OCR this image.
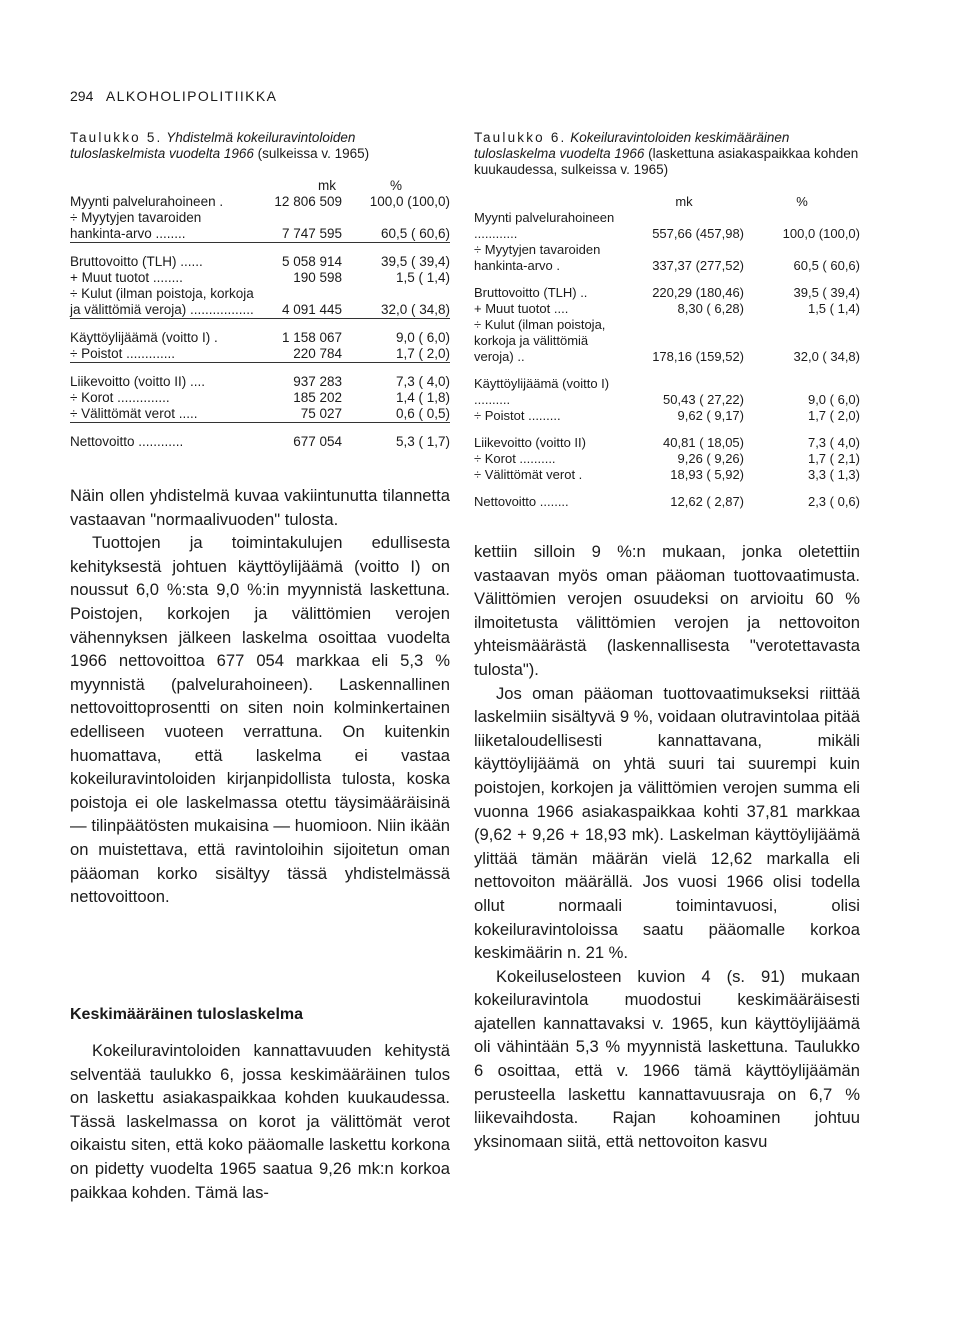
294 ALKOHOLIPOLITIIKKA
Taulukko 5. Yhdistelmä kokeiluravintoloiden tuloslaskelmista vuodelta 1966 (sulkeissa v. 1965)
	mk	%
Myynti palvelurahoineen .	12 806 509	100,0 (100,0)
÷ Myytyjen tavaroiden hankinta-arvo ........	7 747 595	60,5 ( 60,6)
Bruttovoitto (TLH) ......	5 058 914	39,5 ( 39,4)
+ Muut tuotot ........	190 598	1,5 ( 1,4)
÷ Kulut (ilman poistoja, korkoja ja välittömiä veroja) .................	4 091 445	32,0 ( 34,8)
Käyttöylijäämä (voitto I) .	1 158 067	9,0 ( 6,0)
÷ Poistot .............	220 784	1,7 ( 2,0)
Liikevoitto (voitto II) ....	937 283	7,3 ( 4,0)
÷ Korot ..............	185 202	1,4 ( 1,8)
÷ Välittömät verot .....	75 027	0,6 ( 0,5)
Nettovoitto ............	677 054	5,3 ( 1,7)
Taulukko 6. Kokeiluravintoloiden keskimääräinen tuloslaskelma vuodelta 1966 (laskettuna asiakaspaikkaa kohden kuukaudessa, sulkeissa v. 1965)
	mk	%
Myynti palvelurahoineen ............	557,66 (457,98)	100,0 (100,0)
÷ Myytyjen tavaroiden hankinta-arvo .	337,37 (277,52)	60,5 ( 60,6)
Bruttovoitto (TLH) ..	220,29 (180,46)	39,5 ( 39,4)
+ Muut tuotot ....	8,30 ( 6,28)	1,5 ( 1,4)
÷ Kulut (ilman poistoja, korkoja ja välittömiä veroja) ..	178,16 (159,52)	32,0 ( 34,8)
Käyttöylijäämä (voitto I) ..........	50,43 ( 27,22)	9,0 ( 6,0)
÷ Poistot .........	9,62 ( 9,17)	1,7 ( 2,0)
Liikevoitto (voitto II)	40,81 ( 18,05)	7,3 ( 4,0)
÷ Korot ..........	9,26 ( 9,26)	1,7 ( 2,1)
÷ Välittömät verot .	18,93 ( 5,92)	3,3 ( 1,3)
Nettovoitto ........	12,62 ( 2,87)	2,3 ( 0,6)

Näin ollen yhdistelmä kuvaa vakiintunutta tilannetta vastaavan "normaalivuoden" tulosta.

Tuottojen ja toimintakulujen edullisesta kehityksestä johtuen käyttöylijäämä (voitto I) on noussut 6,0 %:sta 9,0 %:in myynnistä laskettuna. Poistojen, korkojen ja välittömien verojen vähennyksen jälkeen laskelma osoittaa vuodelta 1966 nettovoittoa 677 054 markkaa eli 5,3 % myynnistä (palvelurahoineen). Laskennallinen nettovoittoprosentti on siten noin kolminkertainen edelliseen vuoteen verrattuna. On kuitenkin huomattava, että laskelma ei vastaa kokeiluravintoloiden kirjanpidollista tulosta, koska poistoja ei ole laskelmassa otettu täysimääräisinä — tilinpäätösten mukaisina — huomioon. Niin ikään on muistettava, että ravintoloihin sijoitetun oman pääoman korko sisältyy tässä yhdistelmässä nettovoittoon.

Keskimääräinen tuloslaskelma

Kokeiluravintoloiden kannattavuuden kehitystä selventää taulukko 6, jossa keskimääräinen tulos on laskettu asiakaspaikkaa kohden kuukaudessa. Tässä laskelmassa on korot ja välittömät verot oikaistu siten, että koko pääomalle laskettu korkona on pidetty vuodelta 1965 saatua 9,26 mk:n korkoa paikkaa kohden. Tämä las-

kettiin silloin 9 %:n mukaan, jonka oletettiin vastaavan myös oman pääoman tuottovaatimusta. Välittömien verojen osuudeksi on arvioitu 60 % ilmoitetusta välittömien verojen ja nettovoiton yhteismäärästä (laskennallisesta "verotettavasta tulosta").

Jos oman pääoman tuottovaatimukseksi riittää laskelmiin sisältyvä 9 %, voidaan olutravintolaa pitää liiketaloudellisesti kannattavana, mikäli käyttöylijäämä on yhtä suuri tai suurempi kuin poistojen, korkojen ja välittömien verojen summa eli vuonna 1966 asiakaspaikkaa kohti 37,81 markkaa (9,62 + 9,26 + 18,93 mk). Laskelman käyttöylijäämä ylittää tämän määrän vielä 12,62 markalla eli nettovoiton määrällä. Jos vuosi 1966 olisi todella ollut normaali toimintavuosi, olisi kokeiluravintoloissa saatu pääomalle korkoa keskimäärin n. 21 %.

Kokeiluselosteen kuvion 4 (s. 91) mukaan kokeiluravintola muodostui keskimääräisesti ajatellen kannattavaksi v. 1965, kun käyttöylijäämä oli vähintään 5,3 % myynnistä laskettuna. Taulukko 6 osoittaa, että v. 1966 tämä käyttöylijäämän perusteella laskettu kannattavuusraja on 6,7 % liikevaihdosta. Rajan kohoaminen johtuu yksinomaan siitä, että nettovoiton kasvu
